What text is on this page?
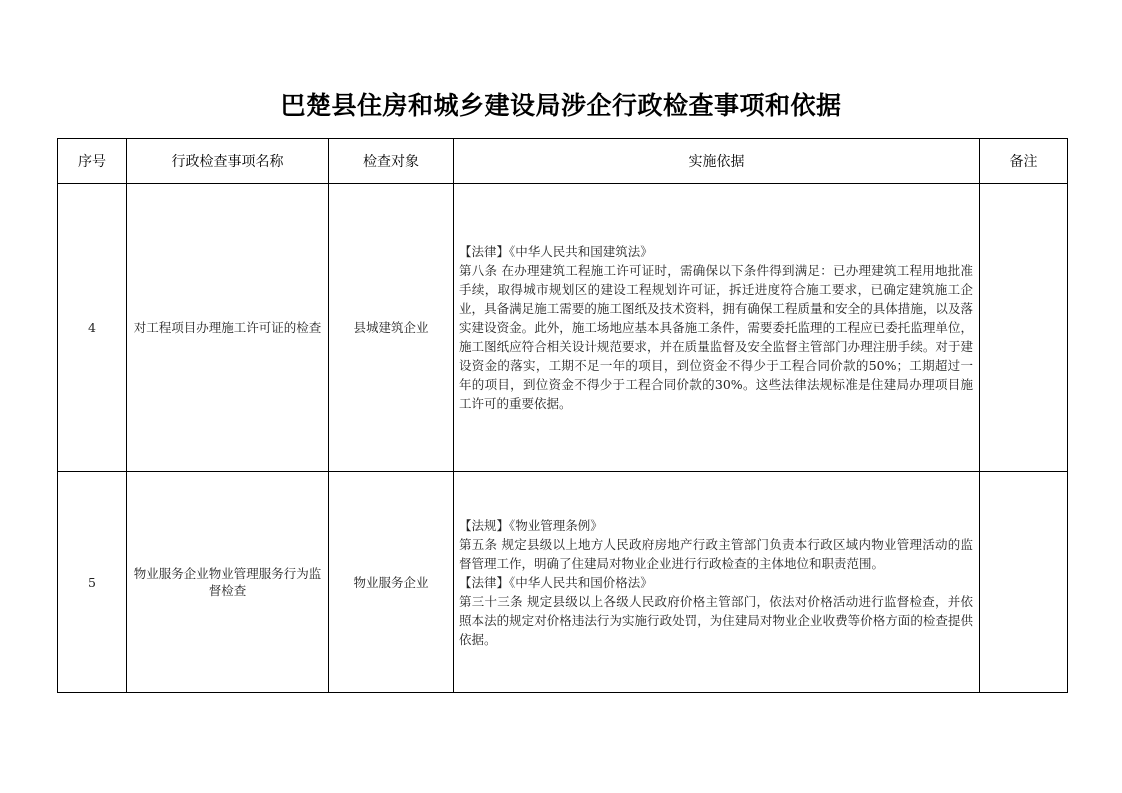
巴楚县住房和城乡建设局涉企行政检查事项和依据
序号	行政检查事项名称	检查对象	实施依据	备注

4	对工程项目办理施工许可证的检查	县城建筑企业	【法律】《中华人民共和国建筑法》
第八条 在办理建筑工程施工许可证时，需确保以下条件得到满足：已办理建筑工程用地批准手续，取得城市规划区的建设工程规划许可证，拆迁进度符合施工要求，已确定建筑施工企业，具备满足施工需要的施工图纸及技术资料，拥有确保工程质量和安全的具体措施，以及落实建设资金。此外，施工场地应基本具备施工条件，需要委托监理的工程应已委托监理单位，施工图纸应符合相关设计规范要求，并在质量监督及安全监督主管部门办理注册手续。对于建设资金的落实，工期不足一年的项目，到位资金不得少于工程合同价款的50%；工期超过一年的项目，到位资金不得少于工程合同价款的30%。这些法律法规标准是住建局办理项目施工许可的重要依据。	

5	物业服务企业物业管理服务行为监督检查	物业服务企业	【法规】《物业管理条例》
第五条 规定县级以上地方人民政府房地产行政主管部门负责本行政区域内物业管理活动的监督管理工作，明确了住建局对物业企业进行行政检查的主体地位和职责范围。
【法律】《中华人民共和国价格法》
第三十三条 规定县级以上各级人民政府价格主管部门，依法对价格活动进行监督检查，并依照本法的规定对价格违法行为实施行政处罚，为住建局对物业企业收费等价格方面的检查提供依据。	
